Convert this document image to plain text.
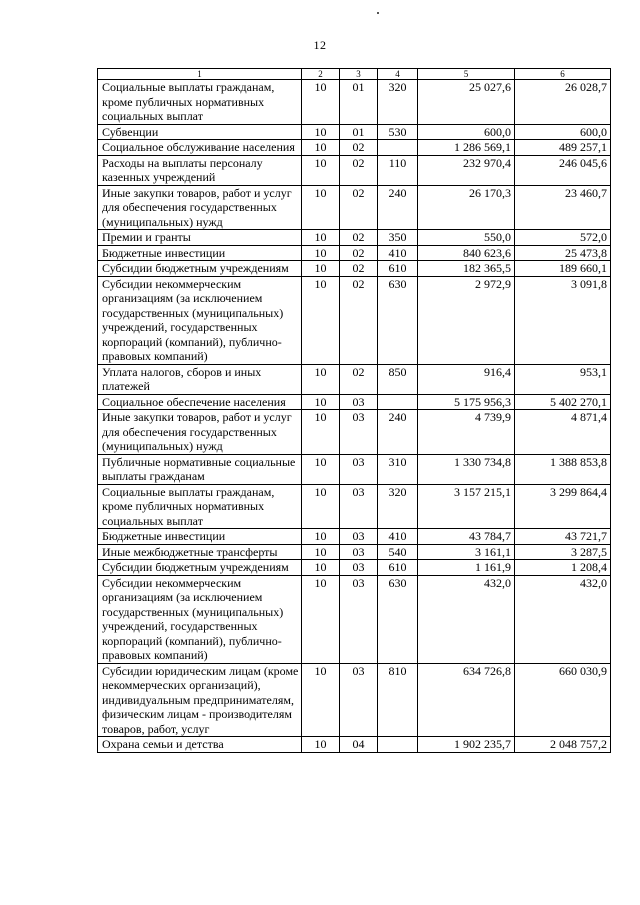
12
1	2	3	4	5	6
Социальные выплаты гражданам, кроме публичных нормативных социальных выплат	10	01	320	25 027,6	26 028,7
Субвенции	10	01	530	600,0	600,0
Социальное обслуживание населения	10	02		1 286 569,1	489 257,1
Расходы на выплаты персоналу казенных учреждений	10	02	110	232 970,4	246 045,6
Иные закупки товаров, работ и услуг для обеспечения государственных (муниципальных) нужд	10	02	240	26 170,3	23 460,7
Премии и гранты	10	02	350	550,0	572,0
Бюджетные инвестиции	10	02	410	840 623,6	25 473,8
Субсидии бюджетным учреждениям	10	02	610	182 365,5	189 660,1
Субсидии некоммерческим организациям (за исключением государственных (муниципальных) учреждений, государственных корпораций (компаний), публично-правовых компаний)	10	02	630	2 972,9	3 091,8
Уплата налогов, сборов и иных платежей	10	02	850	916,4	953,1
Социальное обеспечение населения	10	03		5 175 956,3	5 402 270,1
Иные закупки товаров, работ и услуг для обеспечения государственных (муниципальных) нужд	10	03	240	4 739,9	4 871,4
Публичные нормативные социальные выплаты гражданам	10	03	310	1 330 734,8	1 388 853,8
Социальные выплаты гражданам, кроме публичных нормативных социальных выплат	10	03	320	3 157 215,1	3 299 864,4
Бюджетные инвестиции	10	03	410	43 784,7	43 721,7
Иные межбюджетные трансферты	10	03	540	3 161,1	3 287,5
Субсидии бюджетным учреждениям	10	03	610	1 161,9	1 208,4
Субсидии некоммерческим организациям (за исключением государственных (муниципальных) учреждений, государственных корпораций (компаний), публично-правовых компаний)	10	03	630	432,0	432,0
Субсидии юридическим лицам (кроме некоммерческих организаций), индивидуальным предпринимателям, физическим лицам - производителям товаров, работ, услуг	10	03	810	634 726,8	660 030,9
Охрана семьи и детства	10	04		1 902 235,7	2 048 757,2
